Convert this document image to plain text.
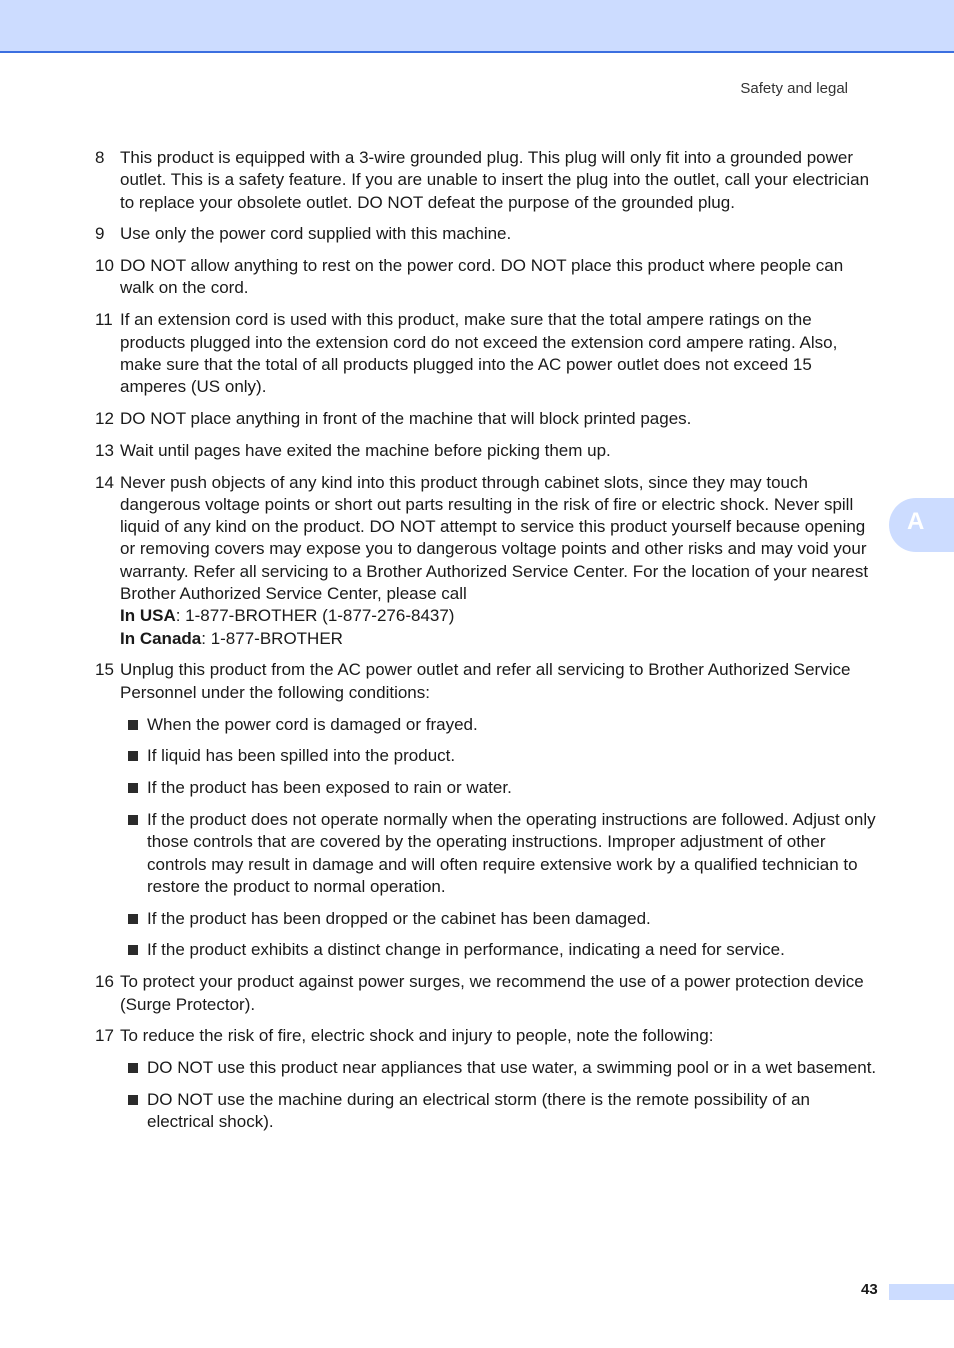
Safety and legal
A
8 This product is equipped with a 3-wire grounded plug. This plug will only fit into a grounded power outlet. This is a safety feature. If you are unable to insert the plug into the outlet, call your electrician to replace your obsolete outlet. DO NOT defeat the purpose of the grounded plug.
9 Use only the power cord supplied with this machine.
10 DO NOT allow anything to rest on the power cord. DO NOT place this product where people can walk on the cord.
11 If an extension cord is used with this product, make sure that the total ampere ratings on the products plugged into the extension cord do not exceed the extension cord ampere rating. Also, make sure that the total of all products plugged into the AC power outlet does not exceed 15 amperes (US only).
12 DO NOT place anything in front of the machine that will block printed pages.
13 Wait until pages have exited the machine before picking them up.
14 Never push objects of any kind into this product through cabinet slots, since they may touch dangerous voltage points or short out parts resulting in the risk of fire or electric shock. Never spill liquid of any kind on the product. DO NOT attempt to service this product yourself because opening or removing covers may expose you to dangerous voltage points and other risks and may void your warranty. Refer all servicing to a Brother Authorized Service Center. For the location of your nearest Brother Authorized Service Center, please call
In USA: 1-877-BROTHER (1-877-276-8437)
In Canada: 1-877-BROTHER
15 Unplug this product from the AC power outlet and refer all servicing to Brother Authorized Service Personnel under the following conditions:
When the power cord is damaged or frayed.
If liquid has been spilled into the product.
If the product has been exposed to rain or water.
If the product does not operate normally when the operating instructions are followed. Adjust only those controls that are covered by the operating instructions. Improper adjustment of other controls may result in damage and will often require extensive work by a qualified technician to restore the product to normal operation.
If the product has been dropped or the cabinet has been damaged.
If the product exhibits a distinct change in performance, indicating a need for service.
16 To protect your product against power surges, we recommend the use of a power protection device (Surge Protector).
17 To reduce the risk of fire, electric shock and injury to people, note the following:
DO NOT use this product near appliances that use water, a swimming pool or in a wet basement.
DO NOT use the machine during an electrical storm (there is the remote possibility of an electrical shock).
43
